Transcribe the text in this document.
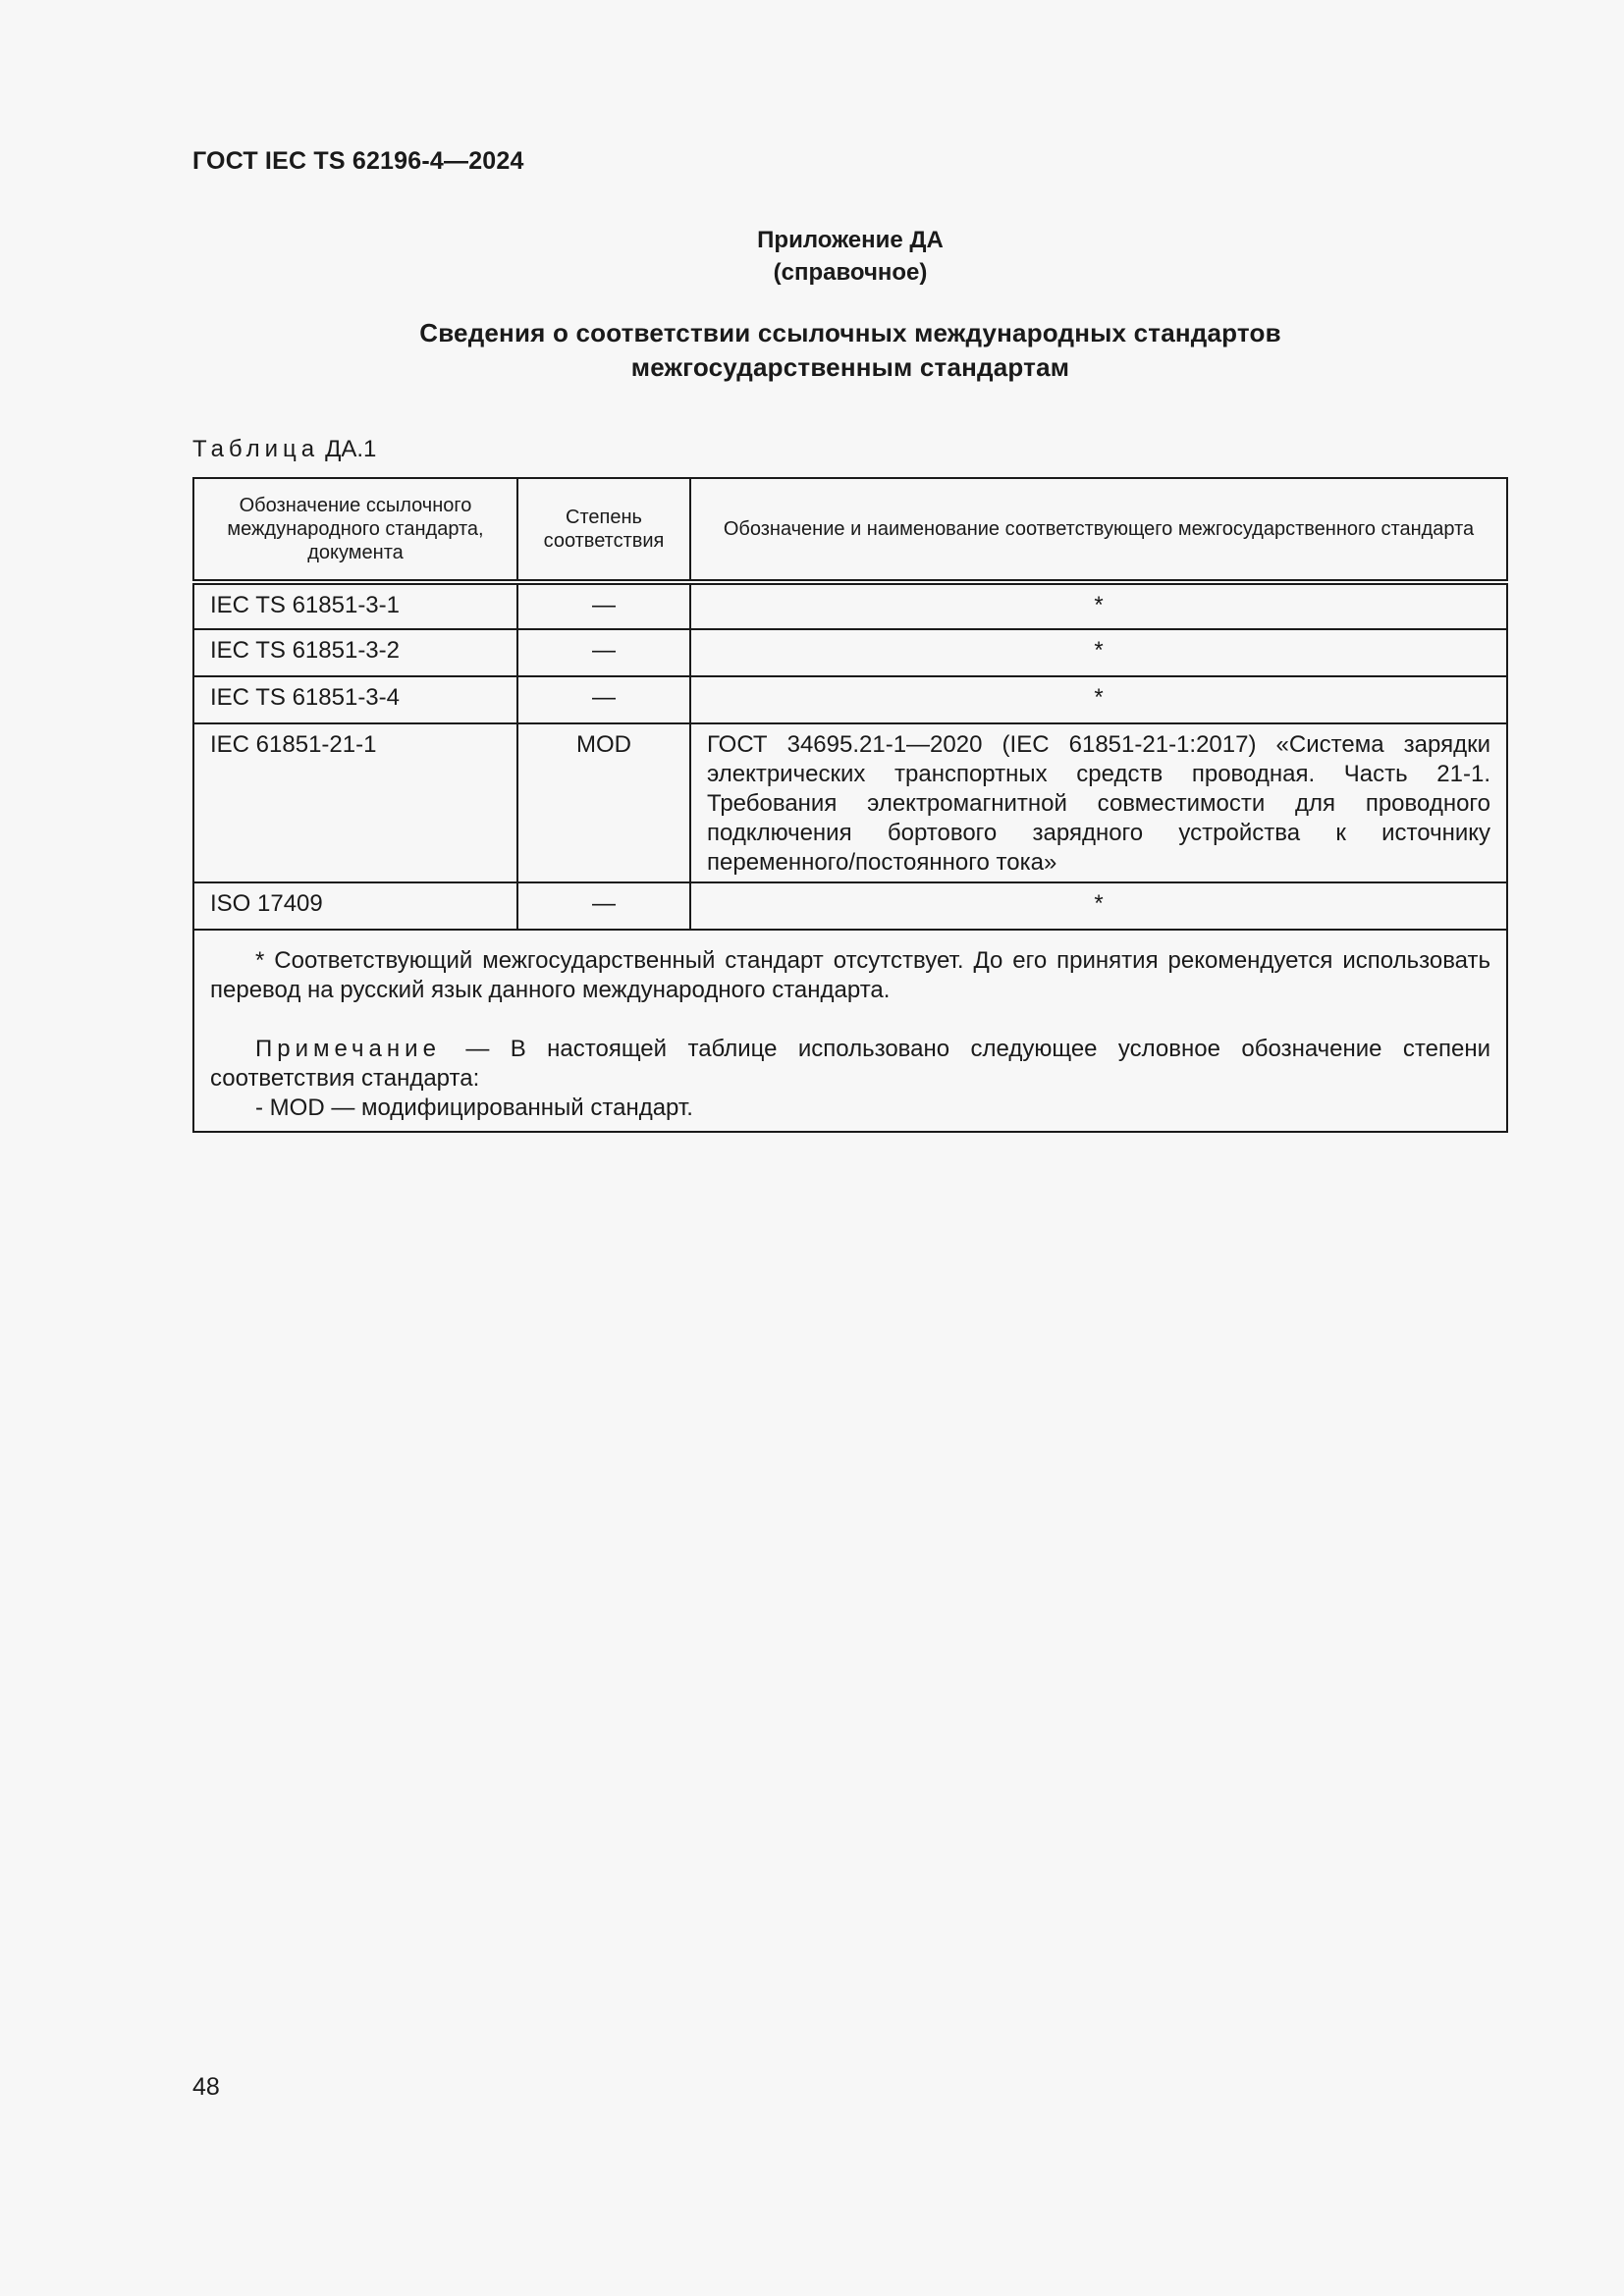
ГОСТ IEC TS 62196-4—2024
Приложение ДА
(справочное)
Сведения о соответствии ссылочных международных стандартов
межгосударственным стандартам
Таблица ДА.1
Обозначение ссылочного международного стандарта, документа	Степень соответствия	Обозначение и наименование соответствующего межгосударственного стандарта
IEC TS 61851-3-1	—	*
IEC TS 61851-3-2	—	*
IEC TS 61851-3-4	—	*
IEC 61851-21-1	MOD	ГОСТ 34695.21-1—2020 (IEC 61851-21-1:2017) «Система зарядки электрических транспортных средств проводная. Часть 21-1. Требования электромагнитной совместимости для проводного подключения бортового зарядного устройства к источнику переменного/постоянного тока»
ISO 17409	—	*

* Соответствующий межгосударственный стандарт отсутствует. До его принятия рекомендуется использовать перевод на русский язык данного международного стандарта.

Примечание — В настоящей таблице использовано следующее условное обозначение степени соответствия стандарта:

- MOD — модифицированный стандарт.		

48
